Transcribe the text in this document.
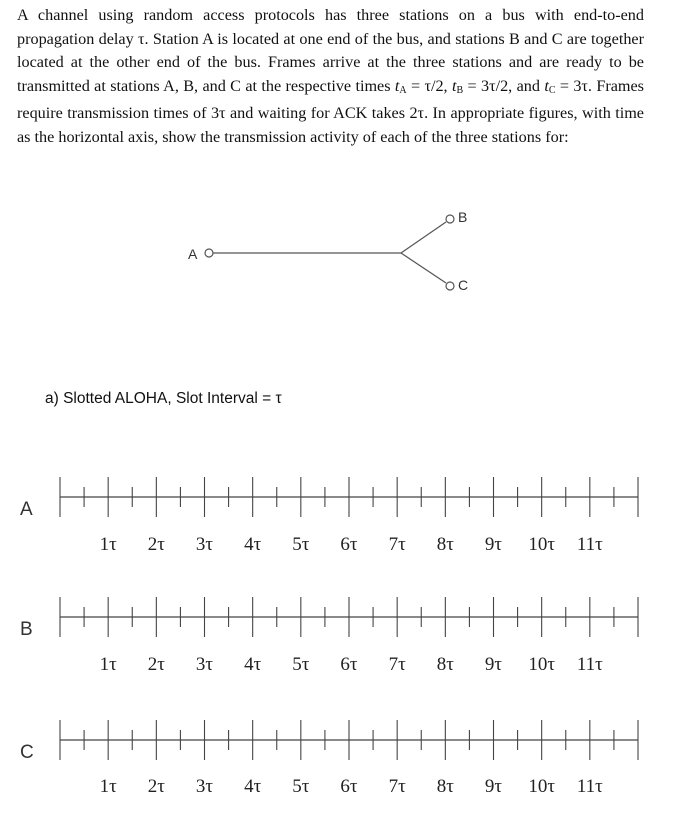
A channel using random access protocols has three stations on a bus with end-to-end propagation delay τ. Station A is located at one end of the bus, and stations B and C are together located at the other end of the bus. Frames arrive at the three stations and are ready to be transmitted at stations A, B, and C at the respective times $t_A = \tau/2$, $t_B = 3\tau/2$, and $t_C = 3\tau$. Frames require transmission times of 3τ and waiting for ACK takes 2τ. In appropriate figures, with time as the horizontal axis, show the transmission activity of each of the three stations for:

A
B
C
a) Slotted ALOHA, Slot Interval = τ
A
1τ 2τ 3τ 4τ 5τ 6τ 7τ 8τ 9τ 10τ 11τ
B
1τ 2τ 3τ 4τ 5τ 6τ 7τ 8τ 9τ 10τ 11τ
C
1τ 2τ 3τ 4τ 5τ 6τ 7τ 8τ 9τ 10τ 11τ
